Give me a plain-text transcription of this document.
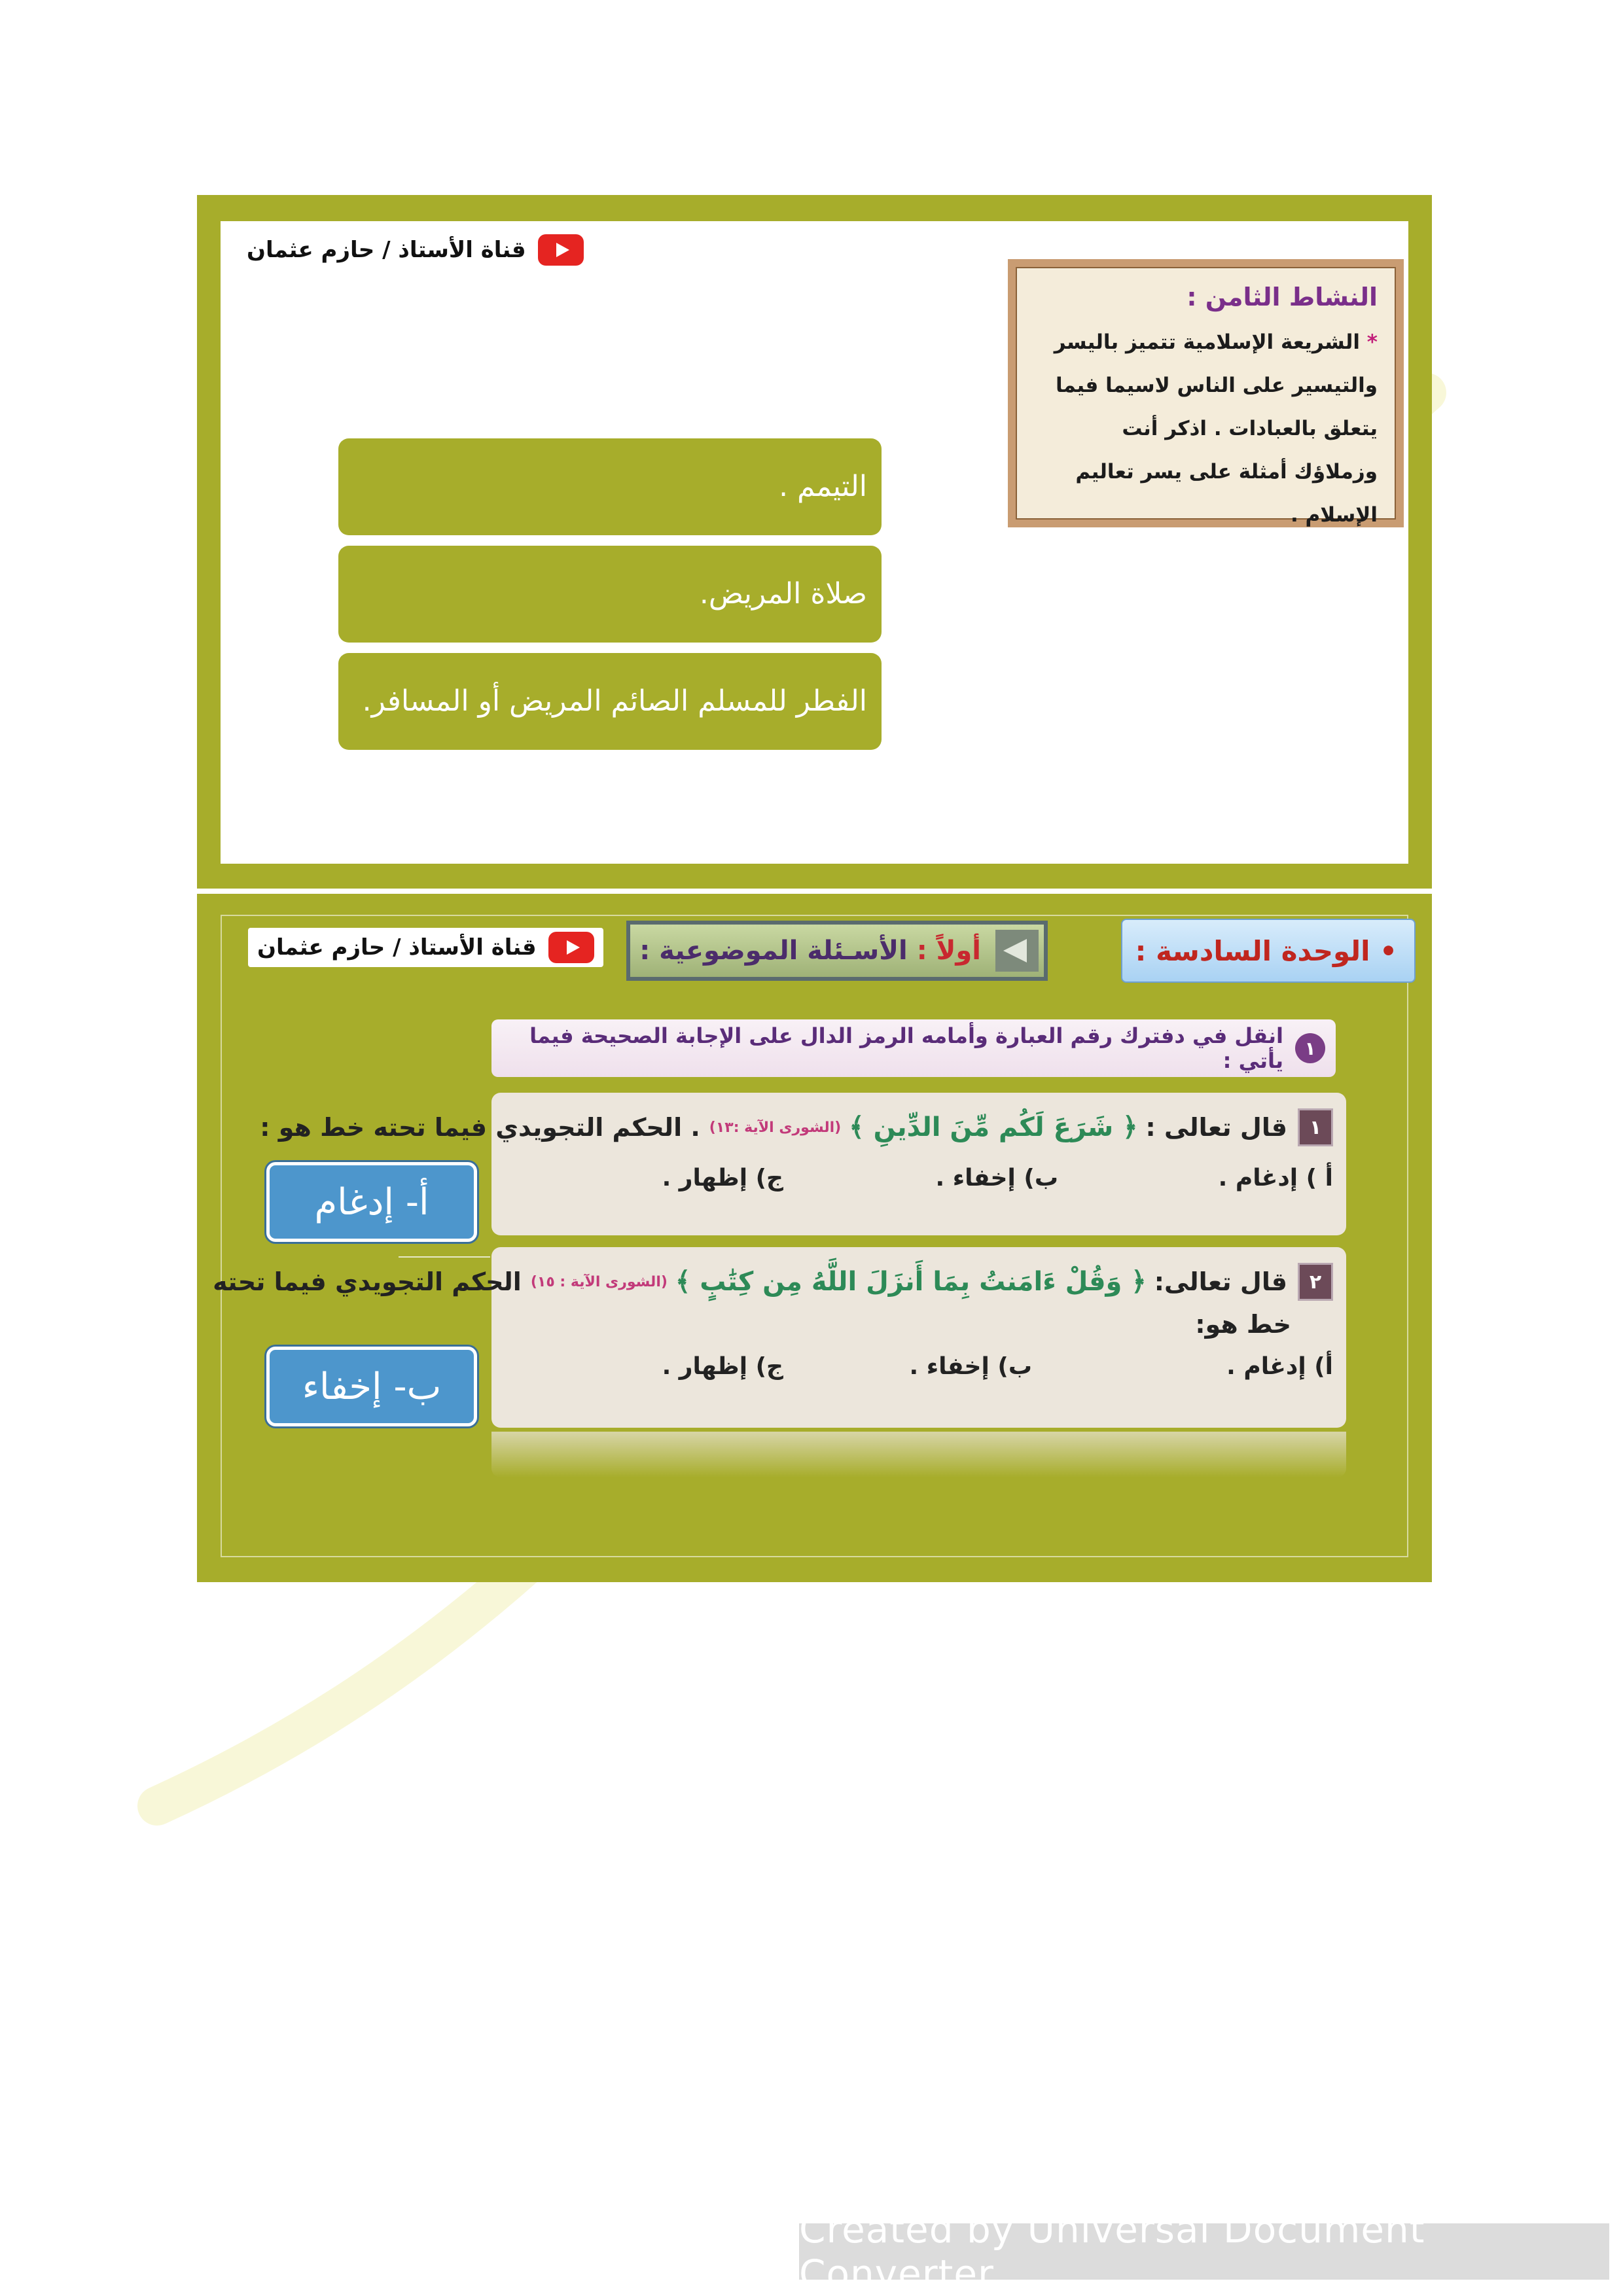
قناة الأستاذ / حازم عثمان
النشاط الثامن :
* الشريعة الإسلامية تتميز باليسر والتيسير على الناس لاسيما فيما يتعلق بالعبادات . اذكر أنت وزملاؤك أمثلة على يسر تعاليم الإسلام .
التيمم .
صلاة المريض.
الفطر للمسلم الصائم المريض أو المسافر.
قناة الأستاذ / حازم عثمان	• الوحدة السادسة :
أولاً :
الأسـئلة الموضوعية :
١
انقل في دفترك رقم العبارة وأمامه الرمز الدال على الإجابة الصحيحة فيما يأتي :
١
قال تعالى :
﴿ شَرَعَ لَكُم مِّنَ الدِّينِ ﴾
(الشورى الآية :١٣)
. الحكم التجويدي فيما تحته خط هو :
أ ) إدغام .
ب) إخفاء .
ج) إظهار .
٢
قال تعالى:
﴿ وَقُلْ ءَامَنتُ بِمَا أَنزَلَ اللَّهُ مِن كِتَٰبٍ ﴾
(الشورى الآية : ١٥)
الحكم التجويدي فيما تحته
خط هو:
أ) إدغام .
ب) إخفاء .
ج) إظهار .
أ- إدغام
ب- إخفاء
Created by Universal Document Converter
